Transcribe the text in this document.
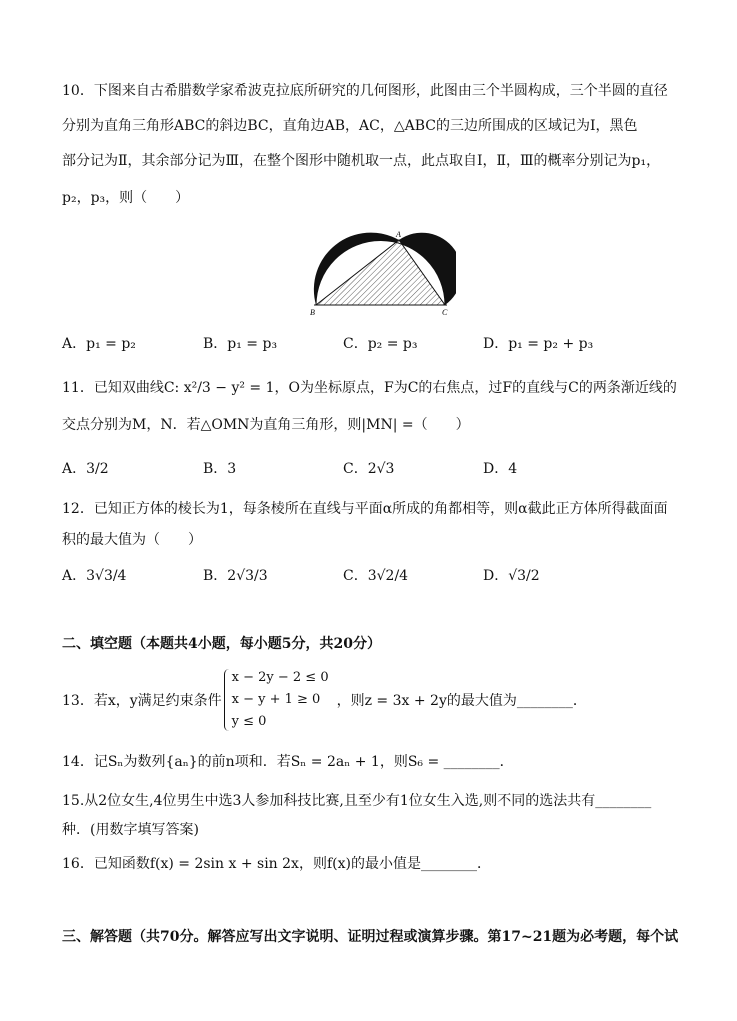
10．下图来自古希腊数学家希波克拉底所研究的几何图形，此图由三个半圆构成，三个半圆的直径
分别为直角三角形ABC的斜边BC，直角边AB，AC，△ABC的三边所围成的区域记为Ⅰ，黑色
部分记为Ⅱ，其余部分记为Ⅲ，在整个图形中随机取一点，此点取自Ⅰ，Ⅱ，Ⅲ的概率分别记为p₁，
p₂，p₃，则（　　）
A
B	C
A．p₁ = p₂	B．p₁ = p₃	C．p₂ = p₃	D．p₁ = p₂ + p₃
11．已知双曲线C: x²/3 − y² = 1，O为坐标原点，F为C的右焦点，过F的直线与C的两条渐近线的
交点分别为M，N．若△OMN为直角三角形，则|MN| =（　　）
A．3/2	B．3	C．2√3	D．4
12．已知正方体的棱长为1，每条棱所在直线与平面α所成的角都相等，则α截此正方体所得截面面
积的最大值为（　　）
A．3√3/4	B．2√3/3	C．3√2/4	D．√3/2
二、填空题（本题共4小题，每小题5分，共20分）
13．若x，y满足约束条件
x − 2y − 2 ≤ 0
x − y + 1 ≥ 0
y ≤ 0
，则z = 3x + 2y的最大值为________．
14．记Sₙ为数列{aₙ}的前n项和．若Sₙ = 2aₙ + 1，则S₆ = ________．
15.从2位女生,4位男生中选3人参加科技比赛,且至少有1位女生入选,则不同的选法共有________
种．(用数字填写答案)
16．已知函数f(x) = 2sin x + sin 2x，则f(x)的最小值是________．
三、解答题（共70分。解答应写出文字说明、证明过程或演算步骤。第17~21题为必考题，每个试
